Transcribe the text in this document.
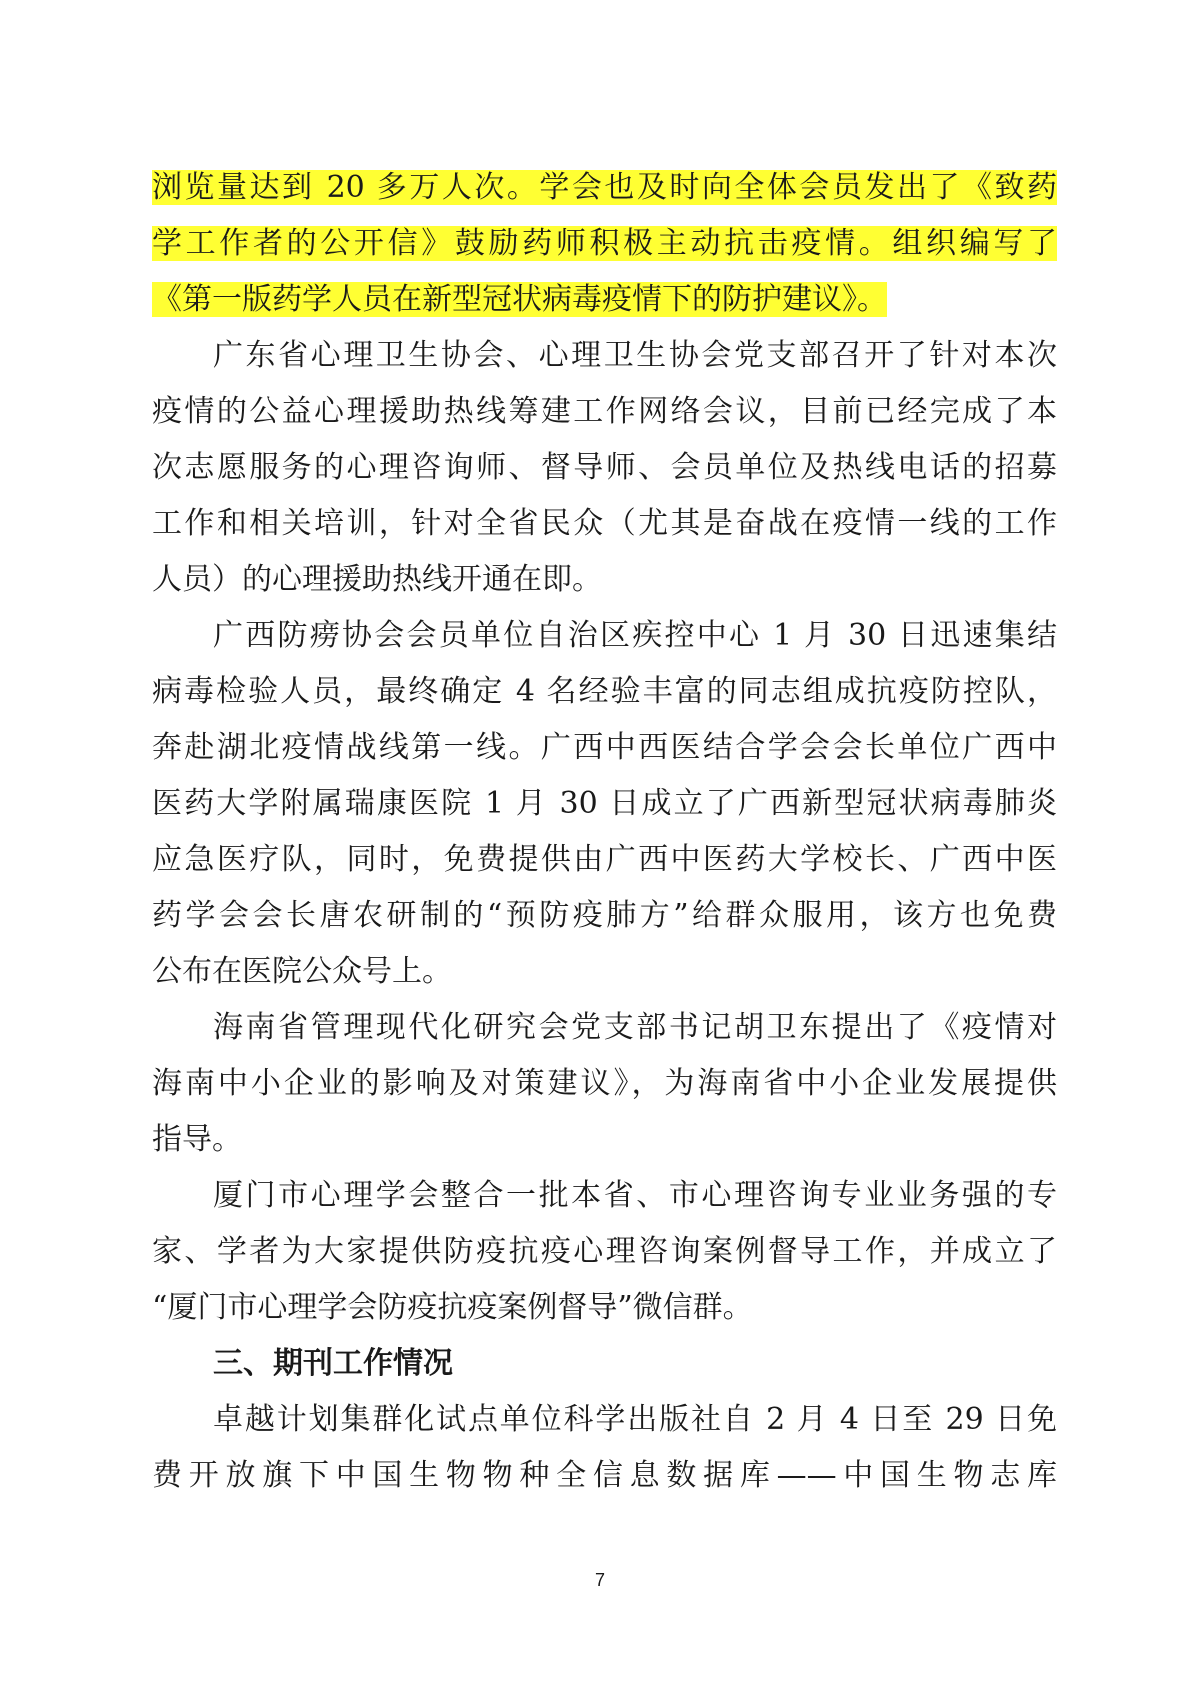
浏览量达到 20 多万人次。学会也及时向全体会员发出了《致药
学工作者的公开信》鼓励药师积极主动抗击疫情。组织编写了
《第一版药学人员在新型冠状病毒疫情下的防护建议》。
广东省心理卫生协会、心理卫生协会党支部召开了针对本次
疫情的公益心理援助热线筹建工作网络会议，目前已经完成了本
次志愿服务的心理咨询师、督导师、会员单位及热线电话的招募
工作和相关培训，针对全省民众（尤其是奋战在疫情一线的工作
人员）的心理援助热线开通在即。
广西防痨协会会员单位自治区疾控中心 1 月 30 日迅速集结
病毒检验人员，最终确定 4 名经验丰富的同志组成抗疫防控队，
奔赴湖北疫情战线第一线。广西中西医结合学会会长单位广西中
医药大学附属瑞康医院 1 月 30 日成立了广西新型冠状病毒肺炎
应急医疗队，同时，免费提供由广西中医药大学校长、广西中医
药学会会长唐农研制的“预防疫肺方”给群众服用，该方也免费
公布在医院公众号上。
海南省管理现代化研究会党支部书记胡卫东提出了《疫情对
海南中小企业的影响及对策建议》，为海南省中小企业发展提供
指导。
厦门市心理学会整合一批本省、市心理咨询专业业务强的专
家、学者为大家提供防疫抗疫心理咨询案例督导工作，并成立了
“厦门市心理学会防疫抗疫案例督导”微信群。
三、期刊工作情况
卓越计划集群化试点单位科学出版社自 2 月 4 日至 29 日免
费开放旗下中国生物物种全信息数据库——中国生物志库
7
